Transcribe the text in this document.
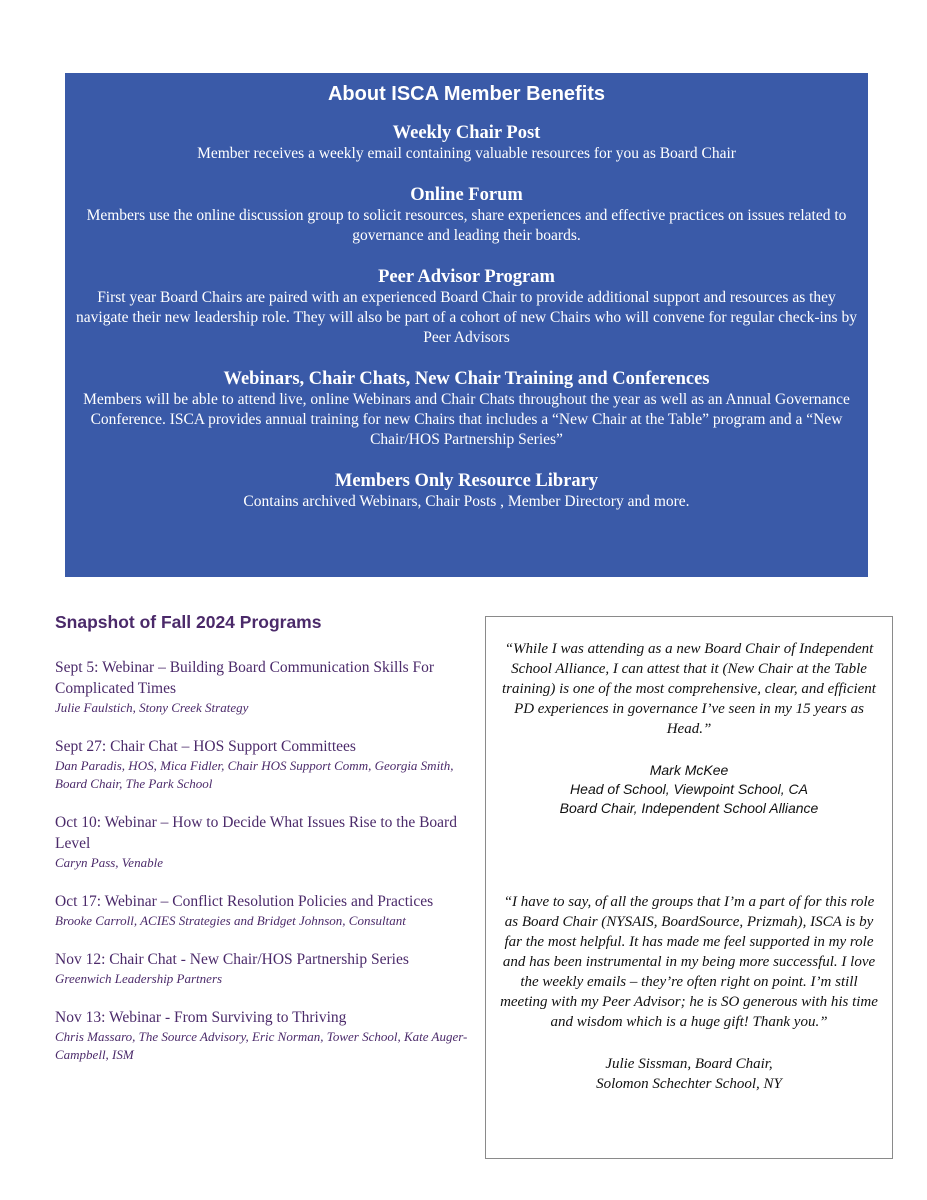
About ISCA Member Benefits
Weekly Chair Post

Member receives a weekly email containing valuable resources for you as Board Chair

Online Forum

Members use the online discussion group to solicit resources, share experiences and effective practices on issues related to governance and leading their boards.

Peer Advisor Program

First year Board Chairs are paired with an experienced Board Chair to provide additional support and resources as they navigate their new leadership role. They will also be part of a cohort of new Chairs who will convene for regular check-ins by Peer Advisors

Webinars, Chair Chats, New Chair Training and Conferences

Members will be able to attend live, online Webinars and Chair Chats throughout the year as well as an Annual Governance Conference. ISCA provides annual training for new Chairs that includes a “New Chair at the Table” program and a “New Chair/HOS Partnership Series”

Members Only Resource Library

Contains archived Webinars, Chair Posts , Member Directory and more.

Snapshot of Fall 2024 Programs
Sept 5: Webinar – Building Board Communication Skills For Complicated Times
Julie Faulstich, Stony Creek Strategy
Sept 27: Chair Chat – HOS Support Committees
Dan Paradis, HOS, Mica Fidler, Chair HOS Support Comm, Georgia Smith, Board Chair, The Park School
Oct 10: Webinar – How to Decide What Issues Rise to the Board Level
Caryn Pass, Venable
Oct 17: Webinar – Conflict Resolution Policies and Practices
Brooke Carroll, ACIES Strategies and Bridget Johnson, Consultant
Nov 12: Chair Chat - New Chair/HOS Partnership Series
Greenwich Leadership Partners
Nov 13: Webinar - From Surviving to Thriving
Chris Massaro, The Source Advisory, Eric Norman, Tower School, Kate Auger-Campbell, ISM

“While I was attending as a new Board Chair of Independent School Alliance, I can attest that it (New Chair at the Table training) is one of the most comprehensive, clear, and efficient PD experiences in governance I’ve seen in my 15 years as Head.”

Mark McKee
Head of School, Viewpoint School, CA
Board Chair, Independent School Alliance

“I have to say, of all the groups that I’m a part of for this role as Board Chair (NYSAIS, BoardSource, Prizmah), ISCA is by far the most helpful. It has made me feel supported in my role and has been instrumental in my being more successful. I love the weekly emails – they’re often right on point. I’m still meeting with my Peer Advisor; he is SO generous with his time and wisdom which is a huge gift! Thank you.”

Julie Sissman, Board Chair,
Solomon Schechter School, NY
